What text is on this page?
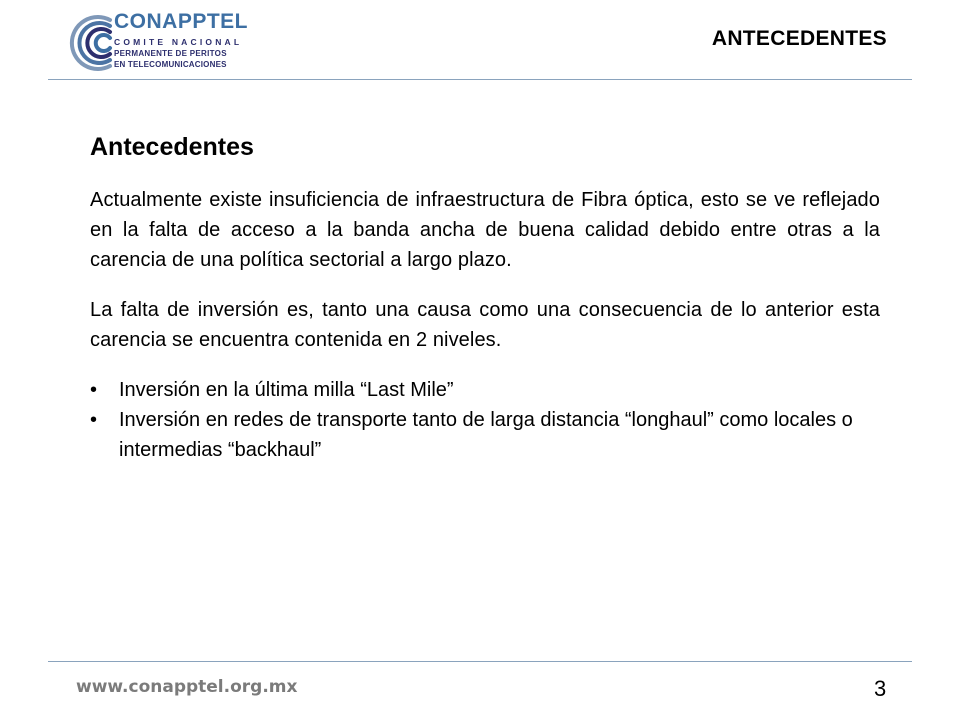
CONAPPTEL
COMITE NACIONAL
PERMANENTE DE PERITOS
EN TELECOMUNICACIONES
ANTECEDENTES
Antecedentes

Actualmente existe insuficiencia de infraestructura de Fibra óptica, esto se ve reflejado en la falta de acceso a la banda ancha de buena calidad debido entre otras a la carencia de una política sectorial a largo plazo.

La falta de inversión es, tanto una causa como una consecuencia de lo anterior esta carencia se encuentra contenida en 2 niveles.

• Inversión en la última milla “Last Mile”
• Inversión en redes de transporte tanto de larga distancia “longhaul” como locales o intermedias “backhaul”
www.conapptel.org.mx	3
